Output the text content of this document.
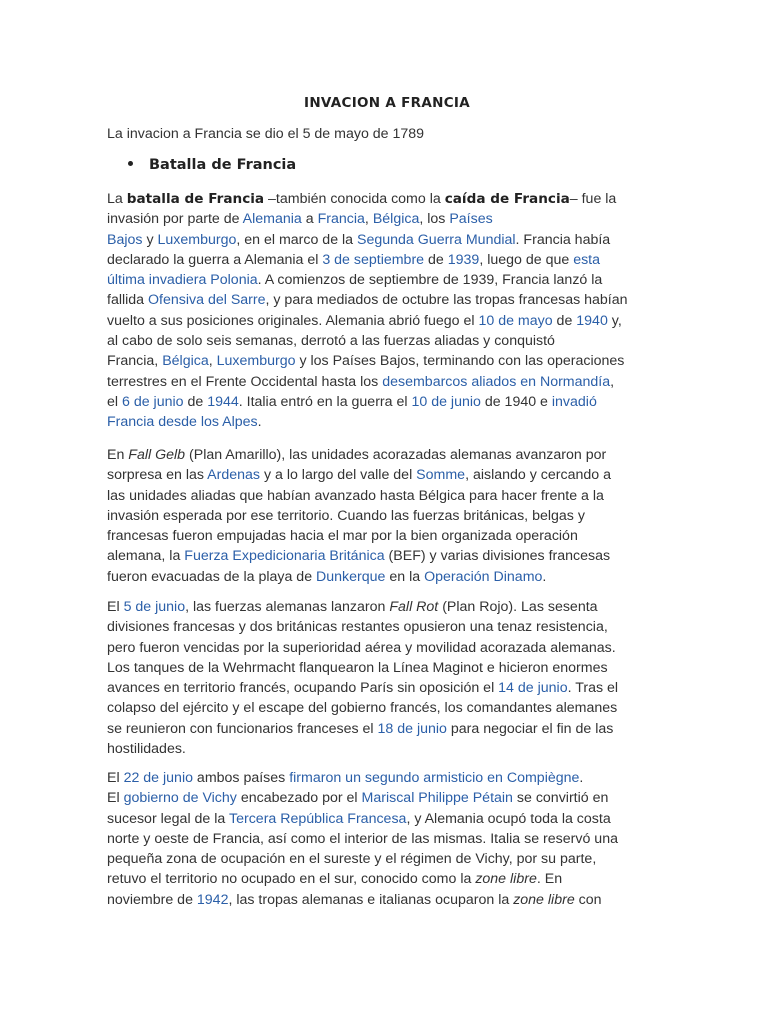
INVACION A FRANCIA

La invacion a Francia se dio el 5 de mayo de 1789

Batalla de Francia

La batalla de Francia –también conocida como la caída de Francia– fue la
invasión por parte de Alemania a Francia, Bélgica, los Países
Bajos y Luxemburgo, en el marco de la Segunda Guerra Mundial. Francia había
declarado la guerra a Alemania el 3 de septiembre de 1939, luego de que esta
última invadiera Polonia. A comienzos de septiembre de 1939, Francia lanzó la
fallida Ofensiva del Sarre, y para mediados de octubre las tropas francesas habían
vuelto a sus posiciones originales. Alemania abrió fuego el 10 de mayo de 1940 y,
al cabo de solo seis semanas, derrotó a las fuerzas aliadas y conquistó
Francia, Bélgica, Luxemburgo y los Países Bajos, terminando con las operaciones
terrestres en el Frente Occidental hasta los desembarcos aliados en Normandía,
el 6 de junio de 1944. Italia entró en la guerra el 10 de junio de 1940 e invadió
Francia desde los Alpes.
En Fall Gelb (Plan Amarillo), las unidades acorazadas alemanas avanzaron por
sorpresa en las Ardenas y a lo largo del valle del Somme, aislando y cercando a
las unidades aliadas que habían avanzado hasta Bélgica para hacer frente a la
invasión esperada por ese territorio. Cuando las fuerzas británicas, belgas y
francesas fueron empujadas hacia el mar por la bien organizada operación
alemana, la Fuerza Expedicionaria Británica (BEF) y varias divisiones francesas
fueron evacuadas de la playa de Dunkerque en la Operación Dinamo.
El 5 de junio, las fuerzas alemanas lanzaron Fall Rot (Plan Rojo). Las sesenta
divisiones francesas y dos británicas restantes opusieron una tenaz resistencia,
pero fueron vencidas por la superioridad aérea y movilidad acorazada alemanas.
Los tanques de la Wehrmacht flanquearon la Línea Maginot e hicieron enormes
avances en territorio francés, ocupando París sin oposición el 14 de junio. Tras el
colapso del ejército y el escape del gobierno francés, los comandantes alemanes
se reunieron con funcionarios franceses el 18 de junio para negociar el fin de las
hostilidades.
El 22 de junio ambos países firmaron un segundo armisticio en Compiègne.
El gobierno de Vichy encabezado por el Mariscal Philippe Pétain se convirtió en
sucesor legal de la Tercera República Francesa, y Alemania ocupó toda la costa
norte y oeste de Francia, así como el interior de las mismas. Italia se reservó una
pequeña zona de ocupación en el sureste y el régimen de Vichy, por su parte,
retuvo el territorio no ocupado en el sur, conocido como la zone libre. En
noviembre de 1942, las tropas alemanas e italianas ocuparon la zone libre con
